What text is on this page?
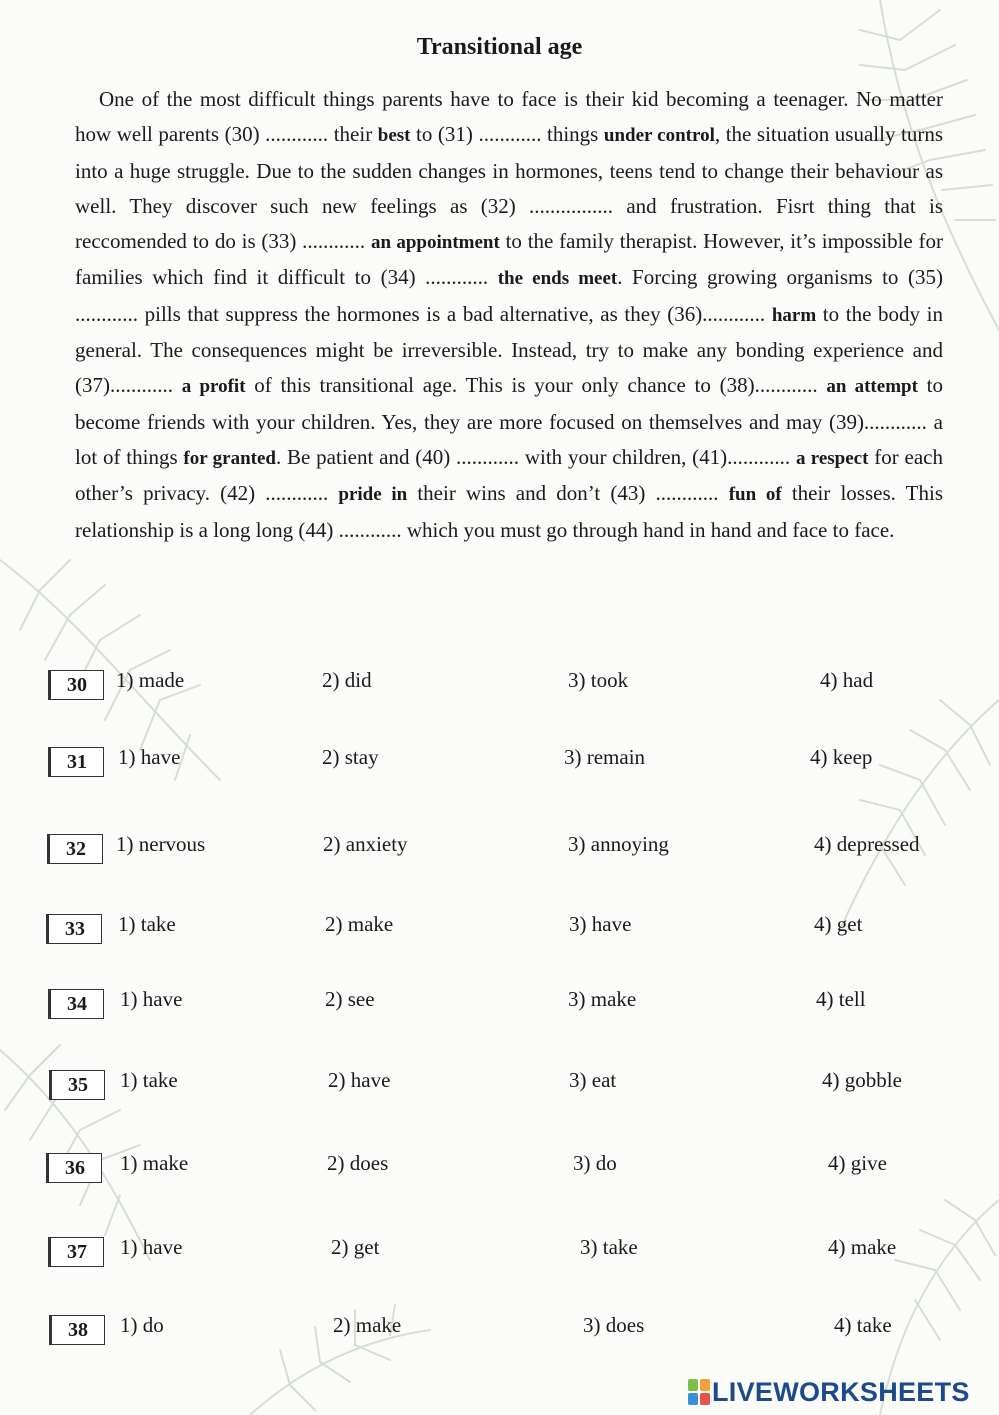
Transitional age

One of the most difficult things parents have to face is their kid becoming a teenager. No matter how well parents (30) ............ their best to (31) ............ things under control, the situation usually turns into a huge struggle. Due to the sudden changes in hormones, teens tend to change their behaviour as well. They discover such new feelings as (32) ................ and frustration. Fisrt thing that is reccomended to do is (33) ............ an appointment to the family therapist. However, it’s impossible for families which find it difficult to (34) ............ the ends meet. Forcing growing organisms to (35) ............ pills that suppress the hormones is a bad alternative, as they (36)............ harm to the body in general. The consequences might be irreversible. Instead, try to make any bonding experience and (37)............ a profit of this transitional age. This is your only chance to (38)............ an attempt to become friends with your children. Yes, they are more focused on themselves and may (39)............ a lot of things for granted. Be patient and (40) ............ with your children, (41)............ a respect for each other’s privacy. (42) ............ pride in their wins and don’t (43) ............ fun of their losses. This relationship is a long long (44) ............ which you must go through hand in hand and face to face.

30	1) made	2) did	3) took	4) had
31	1) have	2) stay	3) remain	4) keep
32	1) nervous	2) anxiety	3) annoying	4) depressed
33	1) take	2) make	3) have	4) get
34	1) have	2) see	3) make	4) tell
35	1) take	2) have	3) eat	4) gobble
36	1) make	2) does	3) do	4) give
37	1) have	2) get	3) take	4) make
38	1) do	2) make	3) does	4) take
LIVEWORKSHEETS
